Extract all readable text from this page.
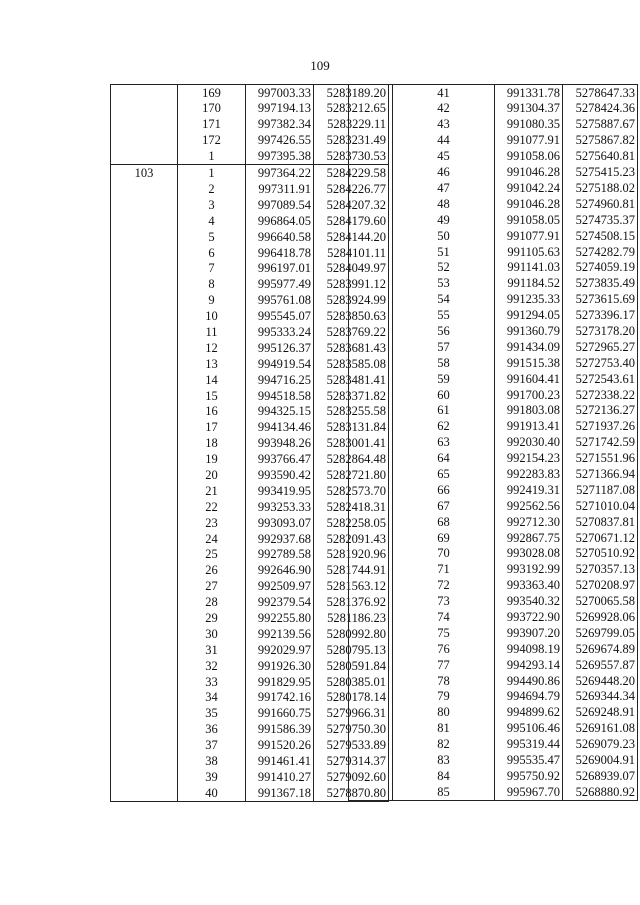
109
	169	997003.33	5283189.20
	170	997194.13	5283212.65
	171	997382.34	5283229.11
	172	997426.55	5283231.49
	1	997395.38	5283730.53
103	1	997364.22	5284229.58
	2	997311.91	5284226.77
	3	997089.54	5284207.32
	4	996864.05	5284179.60
	5	996640.58	5284144.20
	6	996418.78	5284101.11
	7	996197.01	5284049.97
	8	995977.49	5283991.12
	9	995761.08	5283924.99
	10	995545.07	5283850.63
	11	995333.24	5283769.22
	12	995126.37	5283681.43
	13	994919.54	5283585.08
	14	994716.25	5283481.41
	15	994518.58	5283371.82
	16	994325.15	5283255.58
	17	994134.46	5283131.84
	18	993948.26	5283001.41
	19	993766.47	5282864.48
	20	993590.42	5282721.80
	21	993419.95	5282573.70
	22	993253.33	5282418.31
	23	993093.07	5282258.05
	24	992937.68	5282091.43
	25	992789.58	5281920.96
	26	992646.90	5281744.91
	27	992509.97	5281563.12
	28	992379.54	5281376.92
	29	992255.80	5281186.23
	30	992139.56	5280992.80
	31	992029.97	5280795.13
	32	991926.30	5280591.84
	33	991829.95	5280385.01
	34	991742.16	5280178.14
	35	991660.75	5279966.31
	36	991586.39	5279750.30
	37	991520.26	5279533.89
	38	991461.41	5279314.37
	39	991410.27	5279092.60
	40	991367.18	5278870.80
	41	991331.78	5278647.33
	42	991304.37	5278424.36
	43	991080.35	5275887.67
	44	991077.91	5275867.82
	45	991058.06	5275640.81
	46	991046.28	5275415.23
	47	991042.24	5275188.02
	48	991046.28	5274960.81
	49	991058.05	5274735.37
	50	991077.91	5274508.15
	51	991105.63	5274282.79
	52	991141.03	5274059.19
	53	991184.52	5273835.49
	54	991235.33	5273615.69
	55	991294.05	5273396.17
	56	991360.79	5273178.20
	57	991434.09	5272965.27
	58	991515.38	5272753.40
	59	991604.41	5272543.61
	60	991700.23	5272338.22
	61	991803.08	5272136.27
	62	991913.41	5271937.26
	63	992030.40	5271742.59
	64	992154.23	5271551.96
	65	992283.83	5271366.94
	66	992419.31	5271187.08
	67	992562.56	5271010.04
	68	992712.30	5270837.81
	69	992867.75	5270671.12
	70	993028.08	5270510.92
	71	993192.99	5270357.13
	72	993363.40	5270208.97
	73	993540.32	5270065.58
	74	993722.90	5269928.06
	75	993907.20	5269799.05
	76	994098.19	5269674.89
	77	994293.14	5269557.87
	78	994490.86	5269448.20
	79	994694.79	5269344.34
	80	994899.62	5269248.91
	81	995106.46	5269161.08
	82	995319.44	5269079.23
	83	995535.47	5269004.91
	84	995750.92	5268939.07
	85	995967.70	5268880.92
